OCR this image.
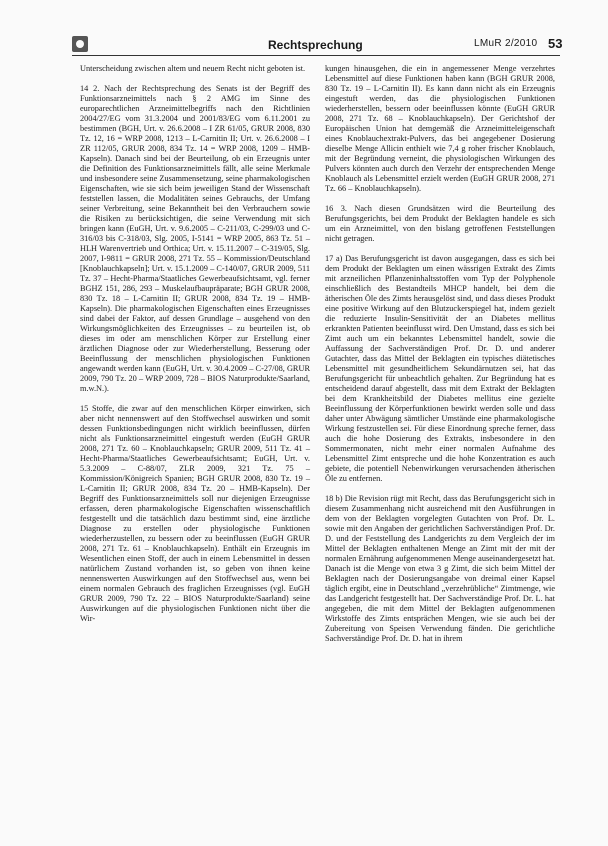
Rechtsprechung	LMuR 2/2010 53

Unterscheidung zwischen altem und neuem Recht nicht geboten ist.

14 2. Nach der Rechtsprechung des Senats ist der Begriff des Funktionsarzneimittels nach § 2 AMG im Sinne des europarechtlichen Arzneimittelbegriffs nach den Richtlinien 2004/27/EG vom 31.3.2004 und 2001/83/EG vom 6.11.2001 zu bestimmen (BGH, Urt. v. 26.6.2008 – I ZR 61/05, GRUR 2008, 830 Tz. 12, 16 = WRP 2008, 1213 – L-Carnitin II; Urt. v. 26.6.2008 – I ZR 112/05, GRUR 2008, 834 Tz. 14 = WRP 2008, 1209 – HMB-Kapseln). Danach sind bei der Beurteilung, ob ein Erzeugnis unter die Definition des Funktionsarzneimittels fällt, alle seine Merkmale und insbesondere seine Zusammensetzung, seine pharmakologischen Eigenschaften, wie sie sich beim jeweiligen Stand der Wissenschaft feststellen lassen, die Modalitäten seines Gebrauchs, der Umfang seiner Verbreitung, seine Bekanntheit bei den Verbrauchern sowie die Risiken zu berücksichtigen, die seine Verwendung mit sich bringen kann (EuGH, Urt. v. 9.6.2005 – C-211/03, C-299/03 und C-316/03 bis C-318/03, Slg. 2005, I-5141 = WRP 2005, 863 Tz. 51 – HLH Warenvertrieb und Orthica; Urt. v. 15.11.2007 – C-319/05, Slg. 2007, I-9811 = GRUR 2008, 271 Tz. 55 – Kommission/Deutschland [Knoblauchkapseln]; Urt. v. 15.1.2009 – C-140/07, GRUR 2009, 511 Tz. 37 – Hecht-Pharma/Staatliches Gewerbeaufsichtsamt, vgl. ferner BGHZ 151, 286, 293 – Muskelaufbaupräparate; BGH GRUR 2008, 830 Tz. 18 – L-Carnitin II; GRUR 2008, 834 Tz. 19 – HMB-Kapseln). Die pharmakologischen Eigenschaften eines Erzeugnisses sind dabei der Faktor, auf dessen Grundlage – ausgehend von den Wirkungsmöglichkeiten des Erzeugnisses – zu beurteilen ist, ob dieses im oder am menschlichen Körper zur Erstellung einer ärztlichen Diagnose oder zur Wiederherstellung, Besserung oder Beeinflussung der menschlichen physiologischen Funktionen angewandt werden kann (EuGH, Urt. v. 30.4.2009 – C-27/08, GRUR 2009, 790 Tz. 20 – WRP 2009, 728 – BIOS Naturprodukte/Saarland, m.w.N.).

15 Stoffe, die zwar auf den menschlichen Körper einwirken, sich aber nicht nennenswert auf den Stoffwechsel auswirken und somit dessen Funktionsbedingungen nicht wirklich beeinflussen, dürfen nicht als Funktionsarzneimittel eingestuft werden (EuGH GRUR 2008, 271 Tz. 60 – Knoblauchkapseln; GRUR 2009, 511 Tz. 41 – Hecht-Pharma/Staatliches Gewerbeaufsichtsamt; EuGH, Urt. v. 5.3.2009 – C-88/07, ZLR 2009, 321 Tz. 75 – Kommission/Königreich Spanien; BGH GRUR 2008, 830 Tz. 19 – L-Carnitin II; GRUR 2008, 834 Tz. 20 – HMB-Kapseln). Der Begriff des Funktionsarzneimittels soll nur diejenigen Erzeugnisse erfassen, deren pharmakologische Eigenschaften wissenschaftlich festgestellt und die tatsächlich dazu bestimmt sind, eine ärztliche Diagnose zu erstellen oder physiologische Funktionen wiederherzustellen, zu bessern oder zu beeinflussen (EuGH GRUR 2008, 271 Tz. 61 – Knoblauchkapseln). Enthält ein Erzeugnis im Wesentlichen einen Stoff, der auch in einem Lebensmittel in dessen natürlichem Zustand vorhanden ist, so geben von ihnen keine nennenswerten Auswirkungen auf den Stoffwechsel aus, wenn bei einem normalen Gebrauch des fraglichen Erzeugnisses (vgl. EuGH GRUR 2009, 790 Tz. 22 – BIOS Naturprodukte/Saarland) seine Auswirkungen auf die physiologischen Funktionen nicht über die Wir-

kungen hinausgehen, die ein in angemessener Menge verzehrtes Lebensmittel auf diese Funktionen haben kann (BGH GRUR 2008, 830 Tz. 19 – L-Carnitin II). Es kann dann nicht als ein Erzeugnis eingestuft werden, das die physiologischen Funktionen wiederherstellen, bessern oder beeinflussen könnte (EuGH GRUR 2008, 271 Tz. 68 – Knoblauchkapseln). Der Gerichtshof der Europäischen Union hat demgemäß die Arzneimitteleigenschaft eines Knoblauchextrakt-Pulvers, das bei angegebener Dosierung dieselbe Menge Allicin enthielt wie 7,4 g roher frischer Knoblauch, mit der Begründung verneint, die physiologischen Wirkungen des Pulvers könnten auch durch den Verzehr der entsprechenden Menge Knoblauch als Lebensmittel erzielt werden (EuGH GRUR 2008, 271 Tz. 66 – Knoblauchkapseln).

16 3. Nach diesen Grundsätzen wird die Beurteilung des Berufungsgerichts, bei dem Produkt der Beklagten handele es sich um ein Arzneimittel, von den bislang getroffenen Feststellungen nicht getragen.

17 a) Das Berufungsgericht ist davon ausgegangen, dass es sich bei dem Produkt der Beklagten um einen wässrigen Extrakt des Zimts mit arzneilichen Pflanzeninhaltsstoffen vom Typ der Polyphenole einschließlich des Bestandteils MHCP handelt, bei dem die ätherischen Öle des Zimts herausgelöst sind, und dass dieses Produkt eine positive Wirkung auf den Blutzuckerspiegel hat, indem gezielt die reduzierte Insulin-Sensitivität der an Diabetes mellitus erkrankten Patienten beeinflusst wird. Den Umstand, dass es sich bei Zimt auch um ein bekanntes Lebensmittel handelt, sowie die Auffassung der Sachverständigen Prof. Dr. D. und anderer Gutachter, dass das Mittel der Beklagten ein typisches diätetisches Lebensmittel mit gesundheitlichem Sekundärnutzen sei, hat das Berufungsgericht für unbeachtlich gehalten. Zur Begründung hat es entscheidend darauf abgestellt, dass mit dem Extrakt der Beklagten bei dem Krankheitsbild der Diabetes mellitus eine gezielte Beeinflussung der Körperfunktionen bewirkt werden solle und dass daher unter Abwägung sämtlicher Umstände eine pharmakologische Wirkung festzustellen sei. Für diese Einordnung spreche ferner, dass auch die hohe Dosierung des Extrakts, insbesondere in den Sommermonaten, nicht mehr einer normalen Aufnahme des Lebensmittel Zimt entspreche und die hohe Konzentration es auch gebiete, die potentiell Nebenwirkungen verursachenden ätherischen Öle zu entfernen.

18 b) Die Revision rügt mit Recht, dass das Berufungsgericht sich in diesem Zusammenhang nicht ausreichend mit den Ausführungen in dem von der Beklagten vorgelegten Gutachten von Prof. Dr. L. sowie mit den Angaben der gerichtlichen Sachverständigen Prof. Dr. D. und der Feststellung des Landgerichts zu dem Vergleich der im Mittel der Beklagten enthaltenen Menge an Zimt mit der mit der normalen Ernährung aufgenommenen Menge auseinandergesetzt hat. Danach ist die Menge von etwa 3 g Zimt, die sich beim Mittel der Beklagten nach der Dosierungsangabe von dreimal einer Kapsel täglich ergibt, eine in Deutschland „verzehrübliche“ Zimtmenge, wie das Landgericht festgestellt hat. Der Sachverständige Prof. Dr. L. hat angegeben, die mit dem Mittel der Beklagten aufgenommenen Wirkstoffe des Zimts entsprächen Mengen, wie sie auch bei der Zubereitung von Speisen Verwendung fänden. Die gerichtliche Sachverständige Prof. Dr. D. hat in ihrem
